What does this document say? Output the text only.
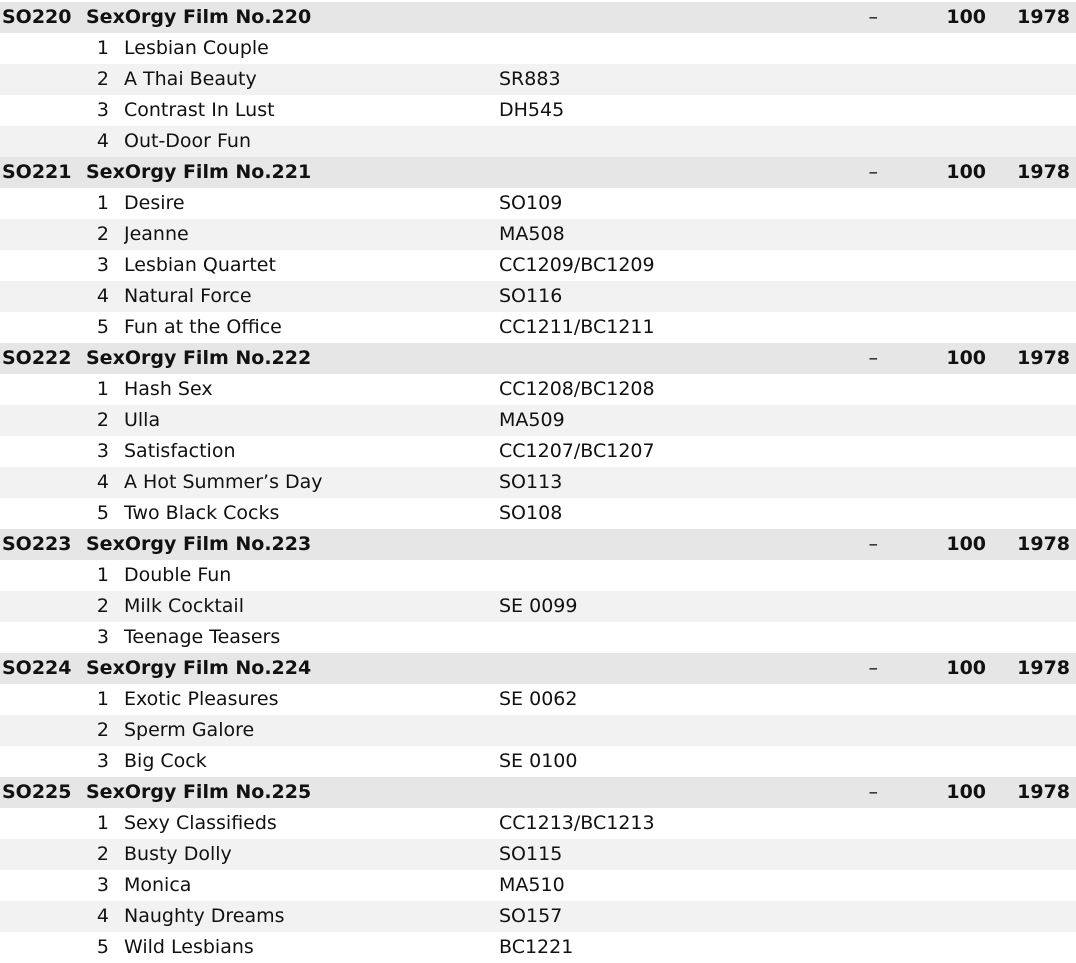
SO220	SexOrgy Film No.220			–	100	1978
	1	Lesbian Couple				
	2	A Thai Beauty	SR883			
	3	Contrast In Lust	DH545			
	4	Out-Door Fun				
SO221	SexOrgy Film No.221			–	100	1978
	1	Desire	SO109			
	2	Jeanne	MA508			
	3	Lesbian Quartet	CC1209/BC1209			
	4	Natural Force	SO116			
	5	Fun at the Office	CC1211/BC1211			
SO222	SexOrgy Film No.222			–	100	1978
	1	Hash Sex	CC1208/BC1208			
	2	Ulla	MA509			
	3	Satisfaction	CC1207/BC1207			
	4	A Hot Summer’s Day	SO113			
	5	Two Black Cocks	SO108			
SO223	SexOrgy Film No.223			–	100	1978
	1	Double Fun				
	2	Milk Cocktail	SE 0099			
	3	Teenage Teasers				
SO224	SexOrgy Film No.224			–	100	1978
	1	Exotic Pleasures	SE 0062			
	2	Sperm Galore				
	3	Big Cock	SE 0100			
SO225	SexOrgy Film No.225			–	100	1978
	1	Sexy Classifieds	CC1213/BC1213			
	2	Busty Dolly	SO115			
	3	Monica	MA510			
	4	Naughty Dreams	SO157			
	5	Wild Lesbians	BC1221			
